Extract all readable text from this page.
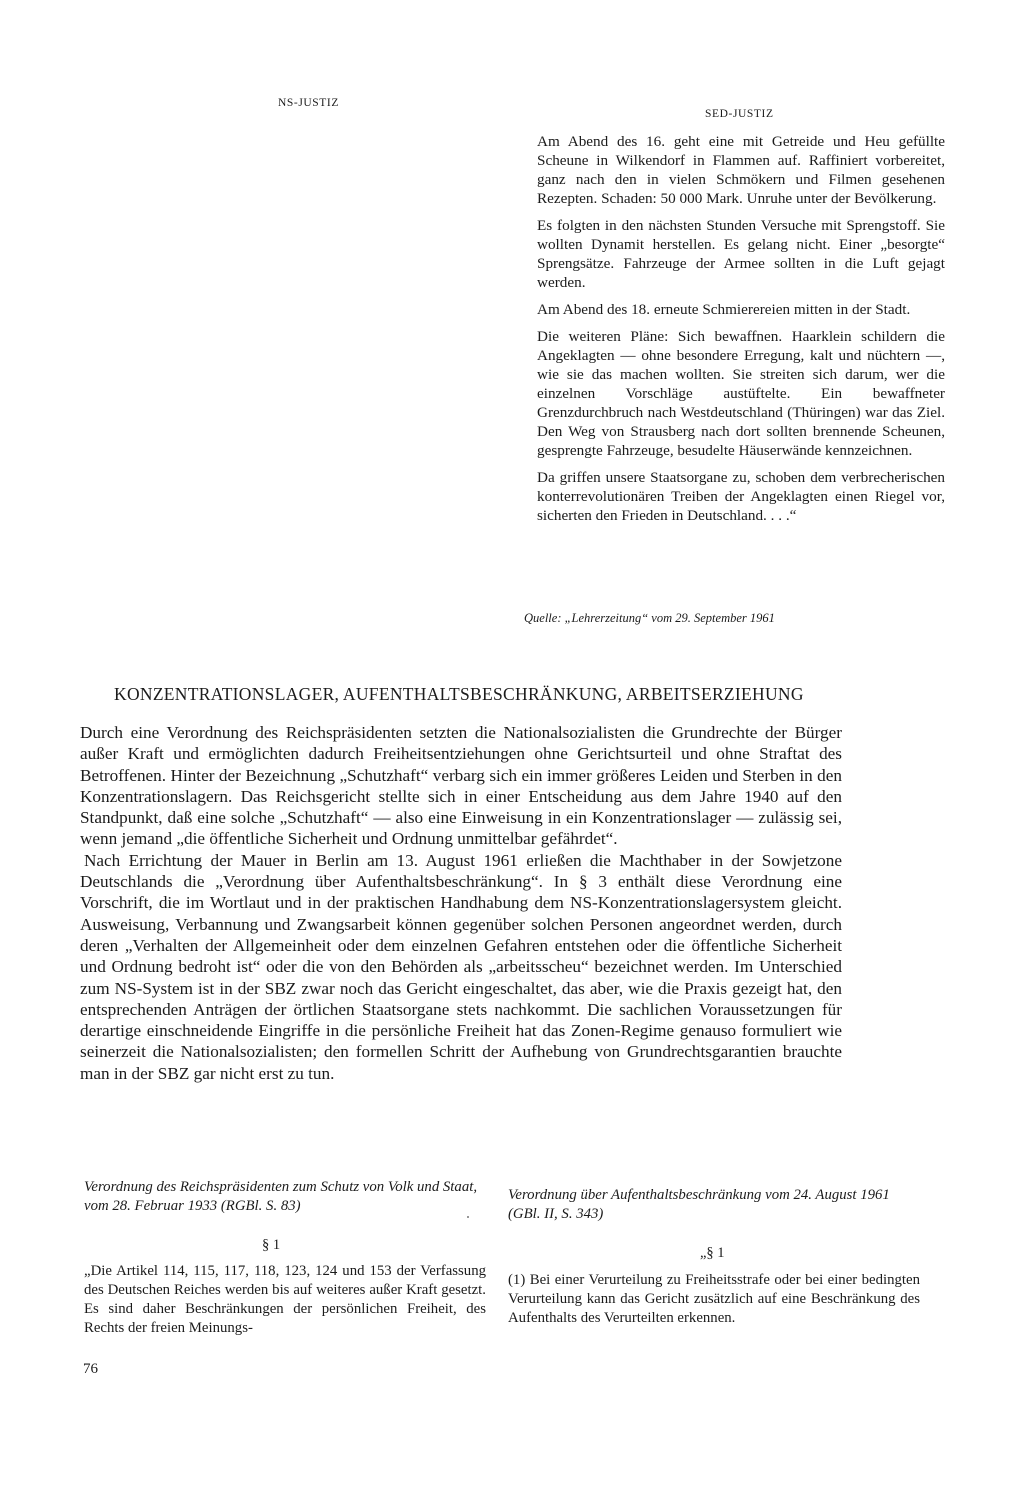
NS-JUSTIZ
SED-JUSTIZ

Am Abend des 16. geht eine mit Getreide und Heu gefüllte Scheune in Wilkendorf in Flammen auf. Raffiniert vorbereitet, ganz nach den in vielen Schmökern und Filmen gesehenen Rezepten. Schaden: 50 000 Mark. Unruhe unter der Bevölkerung.

Es folgten in den nächsten Stunden Versuche mit Sprengstoff. Sie wollten Dynamit herstellen. Es gelang nicht. Einer „besorgte“ Sprengsätze. Fahrzeuge der Armee sollten in die Luft gejagt werden.

Am Abend des 18. erneute Schmierereien mitten in der Stadt.

Die weiteren Pläne: Sich bewaffnen. Haarklein schildern die Angeklagten — ohne besondere Erregung, kalt und nüchtern —, wie sie das machen wollten. Sie streiten sich darum, wer die einzelnen Vorschläge austüftelte. Ein bewaffneter Grenzdurchbruch nach Westdeutschland (Thüringen) war das Ziel. Den Weg von Strausberg nach dort sollten brennende Scheunen, gesprengte Fahrzeuge, besudelte Häuserwände kennzeichnen.

Da griffen unsere Staatsorgane zu, schoben dem verbrecherischen konterrevolutionären Treiben der Angeklagten einen Riegel vor, sicherten den Frieden in Deutschland. . . .“

Quelle: „Lehrerzeitung“ vom 29. September 1961
KONZENTRATIONSLAGER, AUFENTHALTSBESCHRÄNKUNG, ARBEITSERZIEHUNG

Durch eine Verordnung des Reichspräsidenten setzten die Nationalsozialisten die Grundrechte der Bürger außer Kraft und ermöglichten dadurch Freiheitsentziehungen ohne Gerichtsurteil und ohne Straftat des Betroffenen. Hinter der Bezeichnung „Schutzhaft“ verbarg sich ein immer größeres Leiden und Sterben in den Konzentrationslagern. Das Reichsgericht stellte sich in einer Entscheidung aus dem Jahre 1940 auf den Standpunkt, daß eine solche „Schutzhaft“ — also eine Einweisung in ein Konzentrationslager — zulässig sei, wenn jemand „die öffentliche Sicherheit und Ordnung unmittelbar gefährdet“.

Nach Errichtung der Mauer in Berlin am 13. August 1961 erließen die Machthaber in der Sowjetzone Deutschlands die „Verordnung über Aufenthaltsbeschränkung“. In § 3 enthält diese Verordnung eine Vorschrift, die im Wortlaut und in der praktischen Handhabung dem NS-Konzentrationslagersystem gleicht. Ausweisung, Verbannung und Zwangsarbeit können gegenüber solchen Personen angeordnet werden, durch deren „Verhalten der Allgemeinheit oder dem einzelnen Gefahren entstehen oder die öffentliche Sicherheit und Ordnung bedroht ist“ oder die von den Behörden als „arbeitsscheu“ bezeichnet werden. Im Unterschied zum NS-System ist in der SBZ zwar noch das Gericht eingeschaltet, das aber, wie die Praxis gezeigt hat, den entsprechenden Anträgen der örtlichen Staatsorgane stets nachkommt. Die sachlichen Voraussetzungen für derartige einschneidende Eingriffe in die persönliche Freiheit hat das Zonen-Regime genauso formuliert wie seinerzeit die Nationalsozialisten; den formellen Schritt der Aufhebung von Grundrechtsgarantien brauchte man in der SBZ gar nicht erst zu tun.

Verordnung des Reichspräsidenten zum Schutz von Volk und Staat, vom 28. Februar 1933 (RGBl. S. 83)

Verordnung über Aufenthaltsbeschränkung vom 24. August 1961 (GBl. II, S. 343)

§ 1	„§ 1

„Die Artikel 114, 115, 117, 118, 123, 124 und 153 der Verfassung des Deutschen Reiches werden bis auf weiteres außer Kraft gesetzt. Es sind daher Beschränkungen der persönlichen Freiheit, des Rechts der freien Meinungs-

(1) Bei einer Verurteilung zu Freiheitsstrafe oder bei einer bedingten Verurteilung kann das Gericht zusätzlich auf eine Beschränkung des Aufenthalts des Verurteilten erkennen.

76
